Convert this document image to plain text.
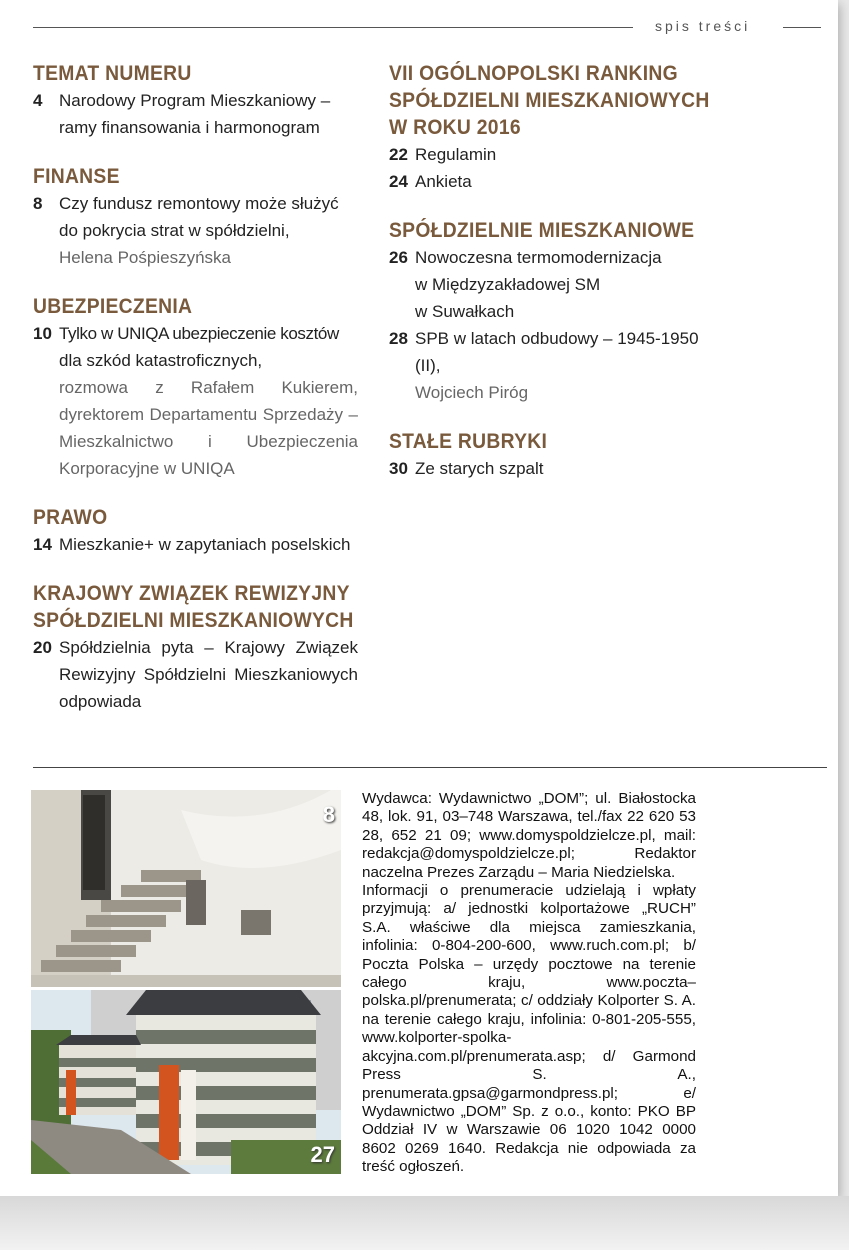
spis treści
TEMAT NUMERU
4 Narodowy Program Mieszkaniowy –
ramy finansowania i harmonogram
FINANSE
8 Czy fundusz remontowy może służyć
do pokrycia strat w spółdzielni,
Helena Pośpieszyńska
UBEZPIECZENIA
10 Tylko w UNIQA ubezpieczenie kosztów
dla szkód katastroficznych,
rozmowa z Rafałem Kukierem, dyrektorem Departamentu Sprzedaży – Mieszkalnictwo i Ubezpieczenia Korporacyjne w UNIQA
PRAWO
14 Mieszkanie+ w zapytaniach poselskich
KRAJOWY ZWIĄZEK REWIZYJNY SPÓŁDZIELNI MIESZKANIOWYCH
20 Spółdzielnia pyta – Krajowy Związek Rewizyjny Spółdzielni Mieszkaniowych odpowiada
VII OGÓLNOPOLSKI RANKING SPÓŁDZIELNI MIESZKANIOWYCH W ROKU 2016
22 Regulamin
24 Ankieta
SPÓŁDZIELNIE MIESZKANIOWE
26 Nowoczesna termomodernizacja
w Międzyzakładowej SM
w Suwałkach
28 SPB w latach odbudowy – 1945-1950
(II),
Wojciech Piróg
STAŁE RUBRYKI
30 Ze starych szpalt
8
27

Wydawca: Wydawnictwo „DOM”; ul. Białostocka 48, lok. 91, 03–748 Warszawa, tel./fax 22 620 53 28, 652 21 09; www.domyspoldzielcze.pl, mail: redakcja@domyspoldzielcze.pl; Redaktor naczelna Prezes Zarządu – Maria Niedzielska.

Informacji o prenumeracie udzielają i wpłaty przyjmują: a/ jednostki kolportażowe „RUCH” S.A. właściwe dla miejsca zamieszkania, infolinia: 0-804-200-600, www.ruch.com.pl; b/ Poczta Polska – urzędy pocztowe na terenie całego kraju, www.poczta–polska.pl/prenumerata; c/ oddziały Kolporter S. A. na terenie całego kraju, infolinia: 0-801-205-555, www.kolporter-spolka-akcyjna.com.pl/prenumerata.asp; d/ Garmond Press S. A., prenumerata.gpsa@garmondpress.pl; e/ Wydawnictwo „DOM” Sp. z o.o., konto: PKO BP Oddział IV w Warszawie 06 1020 1042 0000 8602 0269 1640. Redakcja nie odpowiada za treść ogłoszeń.
